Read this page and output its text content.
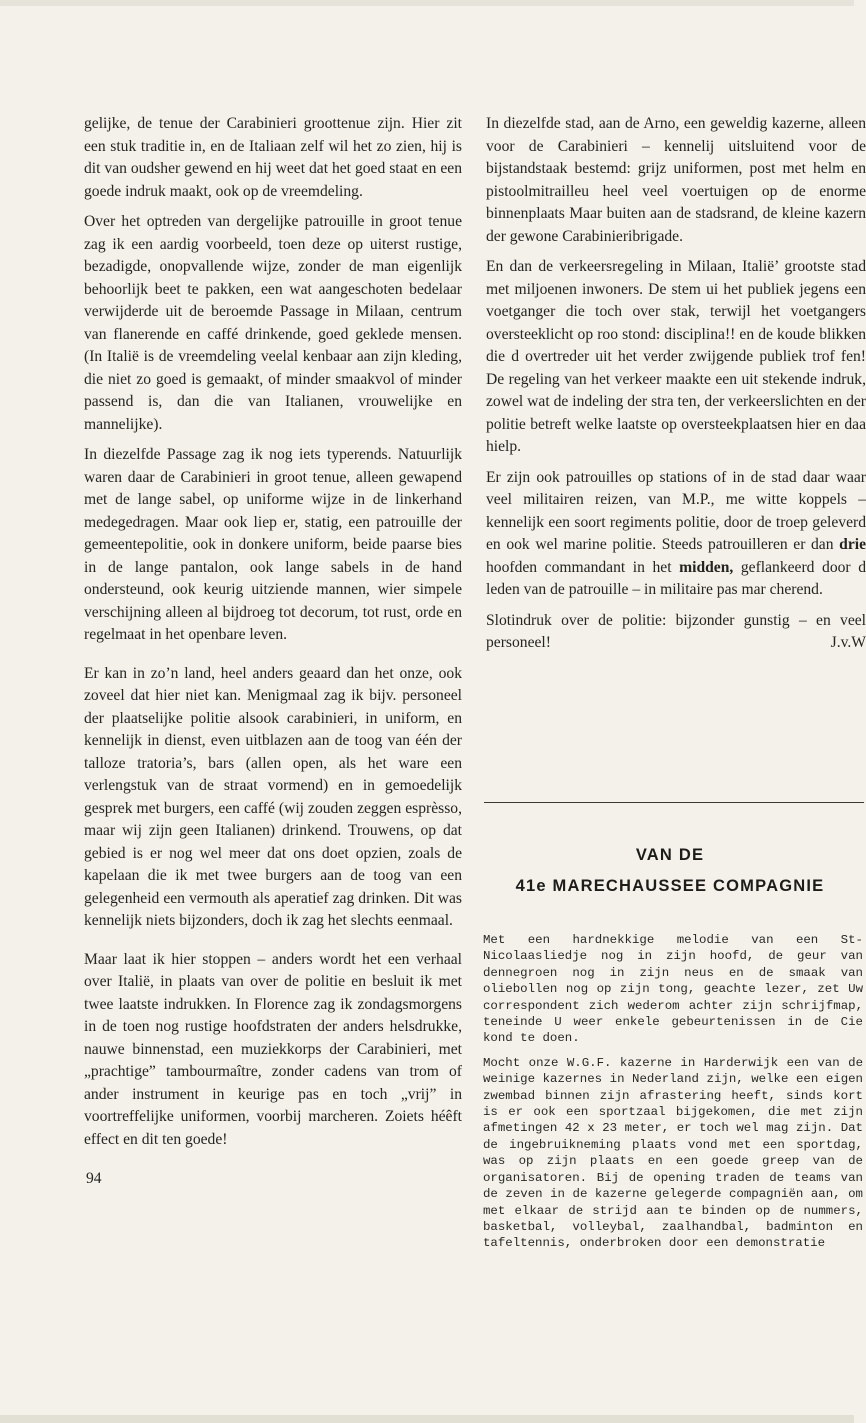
gelijke, de tenue der Carabinieri groottenue zijn. Hier zit een stuk traditie in, en de Italiaan zelf wil het zo zien, hij is dit van oudsher gewend en hij weet dat het goed staat en een goede indruk maakt, ook op de vreemdeling.

Over het optreden van dergelijke patrouille in groot tenue zag ik een aardig voorbeeld, toen deze op uiterst rustige, bezadigde, onopvallende wijze, zonder de man eigenlijk behoorlijk beet te pakken, een wat aangeschoten bedelaar verwijderde uit de beroemde Passage in Milaan, centrum van flanerende en caffé drinkende, goed geklede mensen. (In Italië is de vreemdeling veelal kenbaar aan zijn kleding, die niet zo goed is gemaakt, of minder smaakvol of minder passend is, dan die van Italianen, vrouwelijke en mannelijke).

In diezelfde Passage zag ik nog iets typerends. Natuurlijk waren daar de Carabinieri in groot tenue, alleen gewapend met de lange sabel, op uniforme wijze in de linkerhand medegedragen. Maar ook liep er, statig, een patrouille der gemeentepolitie, ook in donkere uniform, beide paarse bies in de lange pantalon, ook lange sabels in de hand ondersteund, ook keurig uitziende mannen, wier simpele verschijning alleen al bijdroeg tot decorum, tot rust, orde en regelmaat in het openbare leven.

Er kan in zo’n land, heel anders geaard dan het onze, ook zoveel dat hier niet kan. Menigmaal zag ik bijv. personeel der plaatselijke politie alsook carabinieri, in uniform, en kennelijk in dienst, even uitblazen aan de toog van één der talloze tratoria’s, bars (allen open, als het ware een verlengstuk van de straat vormend) en in gemoedelijk gesprek met burgers, een caffé (wij zouden zeggen esprèsso, maar wij zijn geen Italianen) drinkend. Trouwens, op dat gebied is er nog wel meer dat ons doet opzien, zoals de kapelaan die ik met twee burgers aan de toog van een gelegenheid een vermouth als aperatief zag drinken. Dit was kennelijk niets bijzonders, doch ik zag het slechts eenmaal.

Maar laat ik hier stoppen – anders wordt het een verhaal over Italië, in plaats van over de politie en besluit ik met twee laatste indrukken. In Florence zag ik zondagsmorgens in de toen nog rustige hoofdstraten der anders helsdrukke, nauwe binnenstad, een muziekkorps der Carabinieri, met „prachtige” tambourmaître, zonder cadens van trom of ander instrument in keurige pas en toch „vrij” in voortreffelijke uniformen, voorbij marcheren. Zoiets héêft effect en dit ten goede!

In diezelfde stad, aan de Arno, een geweldig kazerne, alleen voor de Carabinieri – kennelij uitsluitend voor de bijstandstaak bestemd: grijz uniformen, post met helm en pistoolmitrailleu heel veel voertuigen op de enorme binnenplaats Maar buiten aan de stadsrand, de kleine kazern der gewone Carabinieribrigade.

En dan de verkeersregeling in Milaan, Italië’ grootste stad met miljoenen inwoners. De stem ui het publiek jegens een voetganger die toch over stak, terwijl het voetgangers oversteeklicht op roo stond: disciplina!! en de koude blikken die d overtreder uit het verder zwijgende publiek trof fen! De regeling van het verkeer maakte een uit stekende indruk, zowel wat de indeling der stra ten, der verkeerslichten en der politie betreft welke laatste op oversteekplaatsen hier en daa hielp.

Er zijn ook patrouilles op stations of in de stad daar waar veel militairen reizen, van M.P., me witte koppels – kennelijk een soort regiments politie, door de troep geleverd en ook wel marine politie. Steeds patrouilleren er dan drie hoofden commandant in het midden, geflankeerd door d leden van de patrouille – in militaire pas mar cherend.

Slotindruk over de politie: bijzonder gunstig – en veel personeel!	J.v.W

VAN DE
41e MARECHAUSSEE COMPAGNIE

Met een hardnekkige melodie van een St-Nicolaasliedje nog in zijn hoofd, de geur van dennegroen nog in zijn neus en de smaak van oliebollen nog op zijn tong, geachte lezer, zet Uw correspondent zich wederom achter zijn schrijfmap, teneinde U weer enkele gebeurtenissen in de Cie kond te doen.

Mocht onze W.G.F. kazerne in Harderwijk een van de weinige kazernes in Nederland zijn, welke een eigen zwembad binnen zijn afrastering heeft, sinds kort is er ook een sportzaal bijgekomen, die met zijn afmetingen 42 x 23 meter, er toch wel mag zijn. Dat de ingebruikneming plaats vond met een sportdag, was op zijn plaats en een goede greep van de organisatoren. Bij de opening traden de teams van de zeven in de kazerne gelegerde compagniën aan, om met elkaar de strijd aan te binden op de nummers, basketbal, volleybal, zaalhandbal, badminton en tafeltennis, onderbroken door een demonstratie

94
